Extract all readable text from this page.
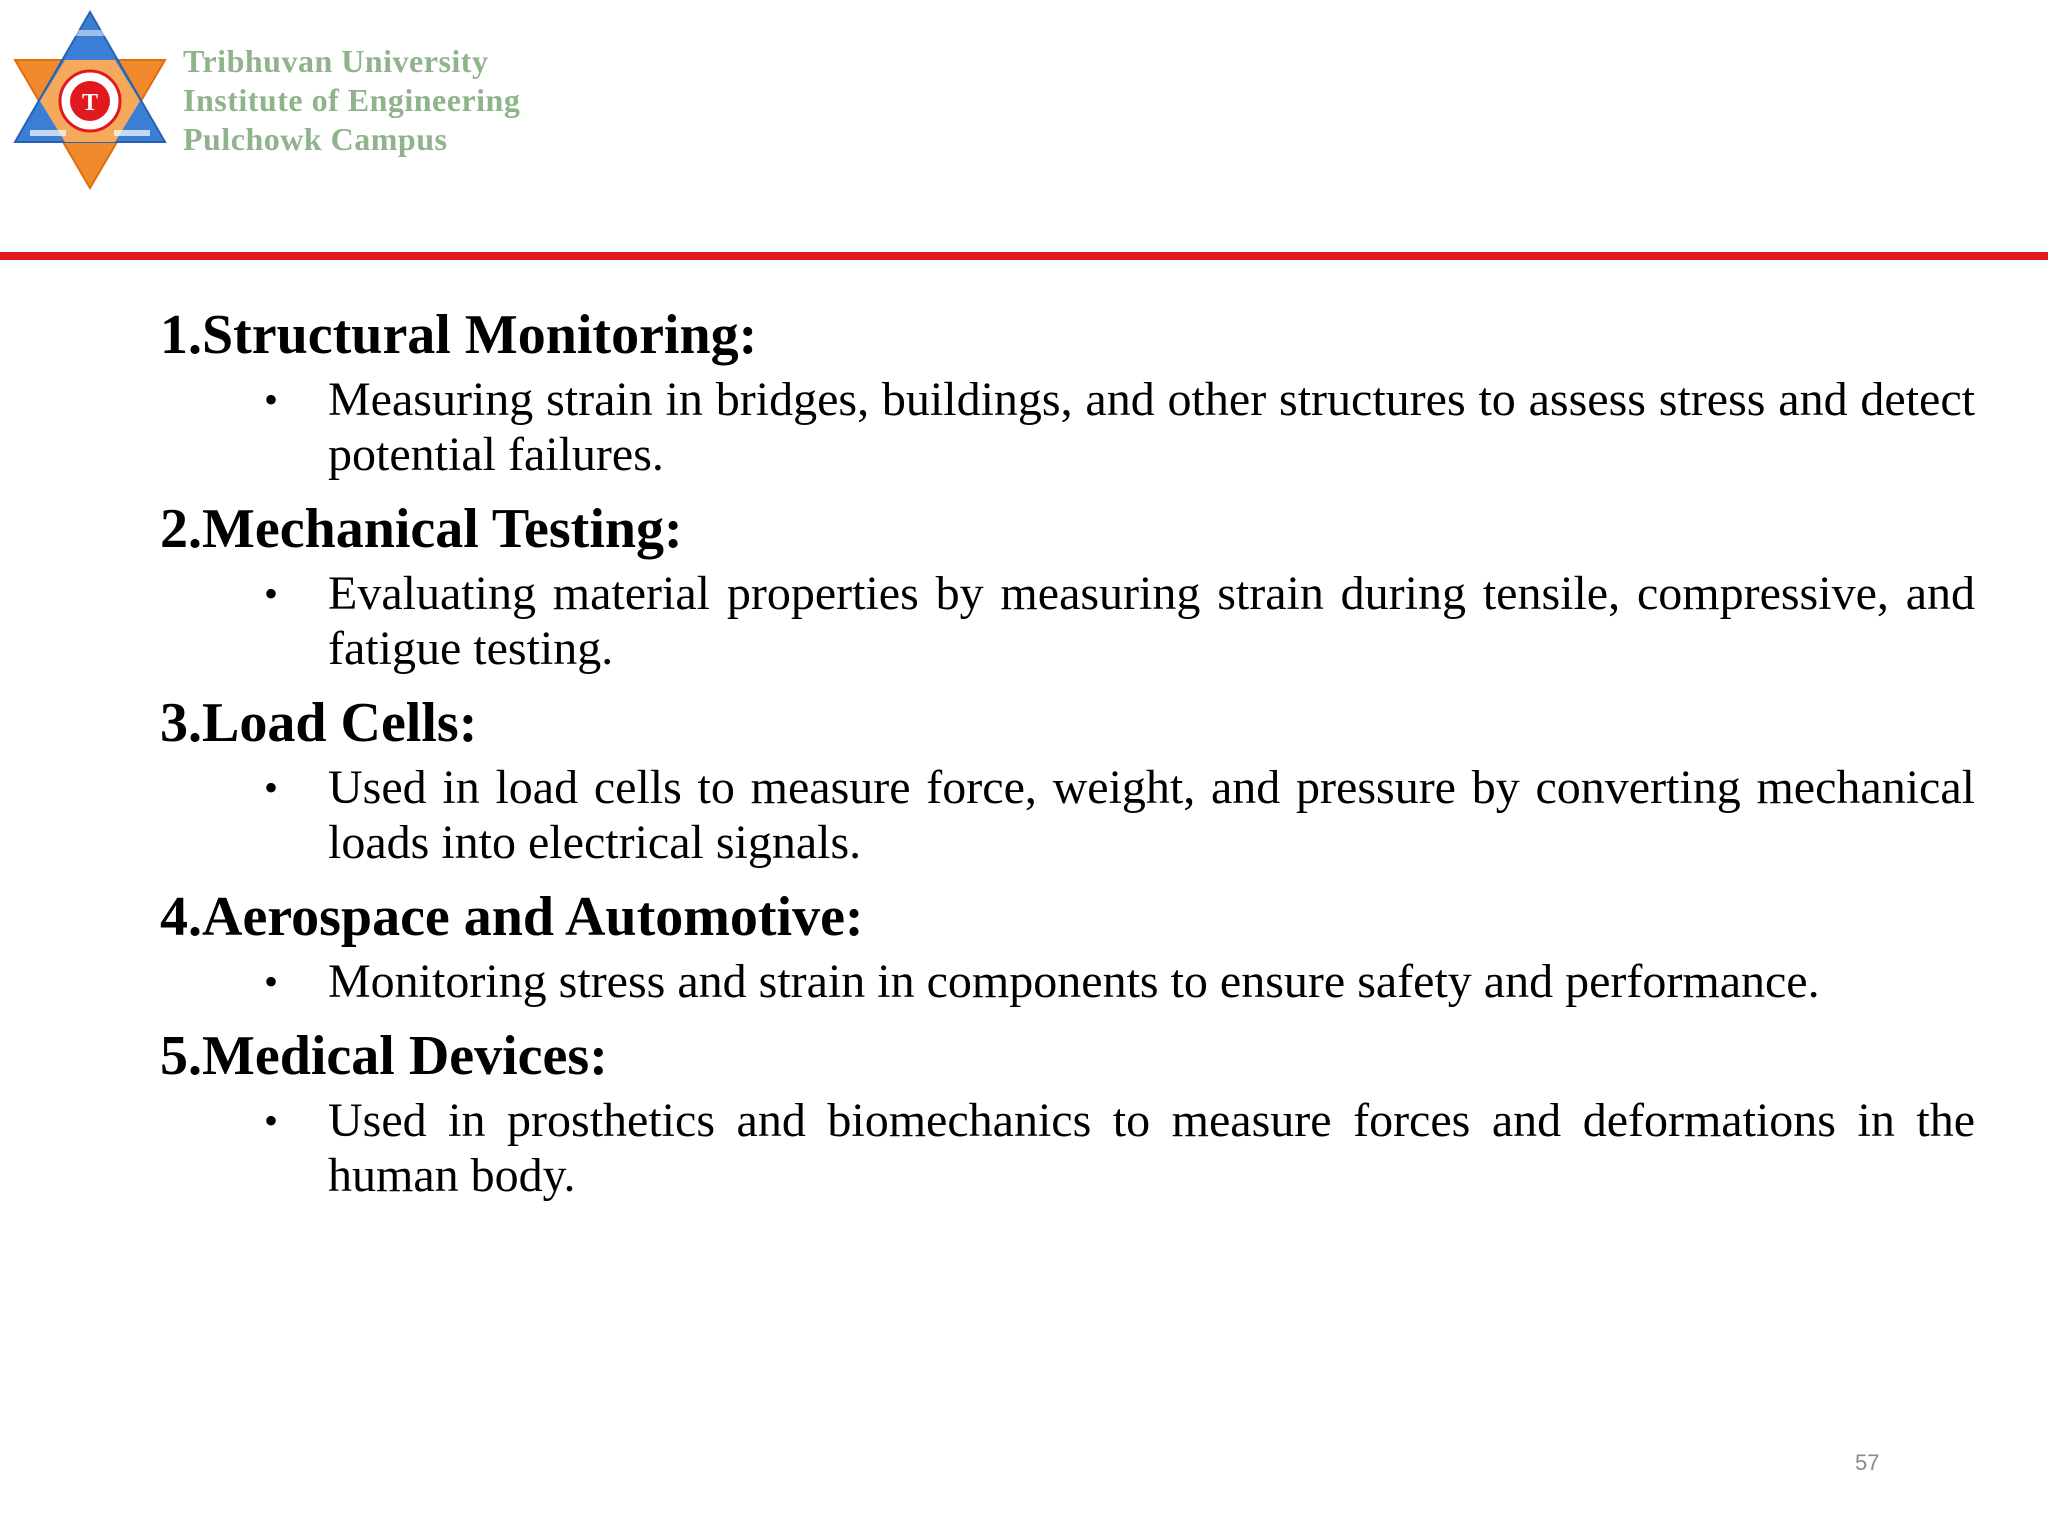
T
Tribhuvan University
Institute of Engineering
Pulchowk Campus
1.Structural Monitoring:
• Measuring strain in bridges, buildings, and other structures to assess stress and detect potential failures.
2.Mechanical Testing:
• Evaluating material properties by measuring strain during tensile, compressive, and fatigue testing.
3.Load Cells:
• Used in load cells to measure force, weight, and pressure by converting mechanical loads into electrical signals.
4.Aerospace and Automotive:
• Monitoring stress and strain in components to ensure safety and performance.
5.Medical Devices:
• Used in prosthetics and biomechanics to measure forces and deformations in the human body.
57
